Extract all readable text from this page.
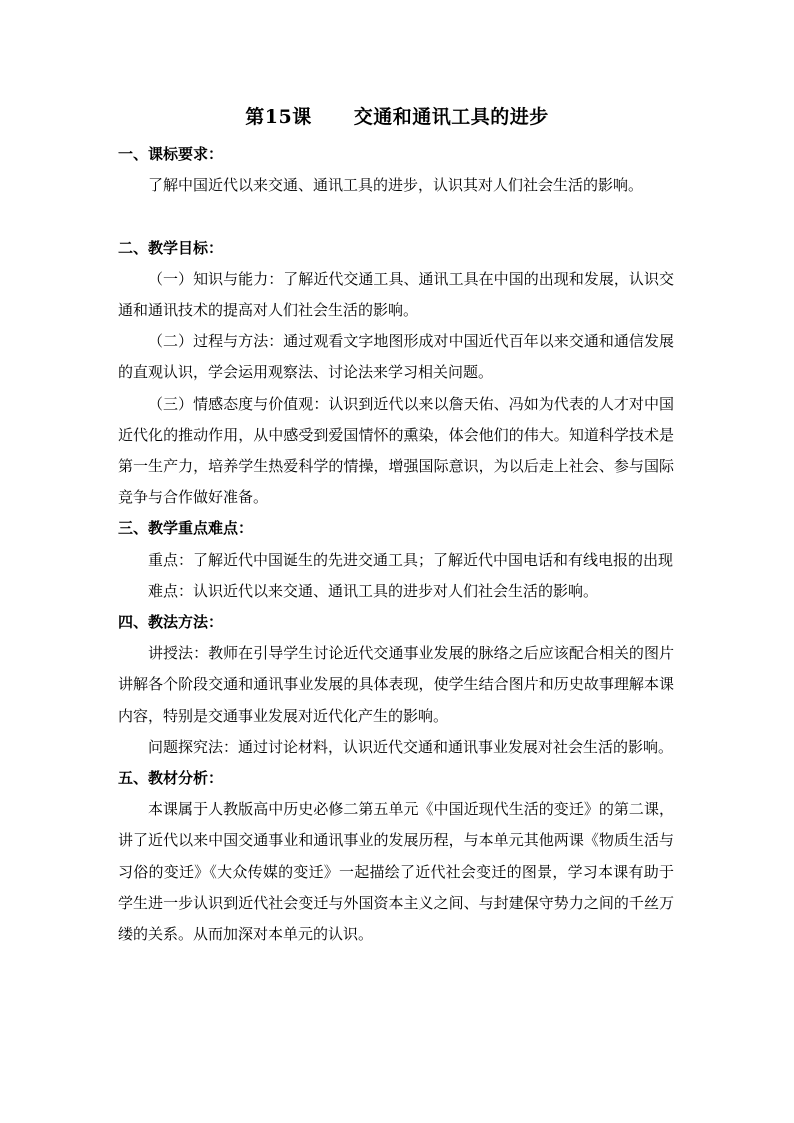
第15课 交通和通讯工具的进步

一、课标要求：

了解中国近代以来交通、通讯工具的进步，认识其对人们社会生活的影响。

二、教学目标：

（一）知识与能力：了解近代交通工具、通讯工具在中国的出现和发展，认识交通和通讯技术的提高对人们社会生活的影响。

（二）过程与方法：通过观看文字地图形成对中国近代百年以来交通和通信发展的直观认识，学会运用观察法、讨论法来学习相关问题。

（三）情感态度与价值观：认识到近代以来以詹天佑、冯如为代表的人才对中国近代化的推动作用，从中感受到爱国情怀的熏染，体会他们的伟大。知道科学技术是第一生产力，培养学生热爱科学的情操，增强国际意识，为以后走上社会、参与国际竞争与合作做好准备。

三、教学重点难点：

重点：了解近代中国诞生的先进交通工具；了解近代中国电话和有线电报的出现

难点：认识近代以来交通、通讯工具的进步对人们社会生活的影响。

四、教法方法：

讲授法：教师在引导学生讨论近代交通事业发展的脉络之后应该配合相关的图片讲解各个阶段交通和通讯事业发展的具体表现，使学生结合图片和历史故事理解本课内容，特别是交通事业发展对近代化产生的影响。

问题探究法：通过讨论材料，认识近代交通和通讯事业发展对社会生活的影响。

五、教材分析：

本课属于人教版高中历史必修二第五单元《中国近现代生活的变迁》的第二课，讲了近代以来中国交通事业和通讯事业的发展历程，与本单元其他两课《物质生活与习俗的变迁》《大众传媒的变迁》一起描绘了近代社会变迁的图景，学习本课有助于学生进一步认识到近代社会变迁与外国资本主义之间、与封建保守势力之间的千丝万缕的关系。从而加深对本单元的认识。
